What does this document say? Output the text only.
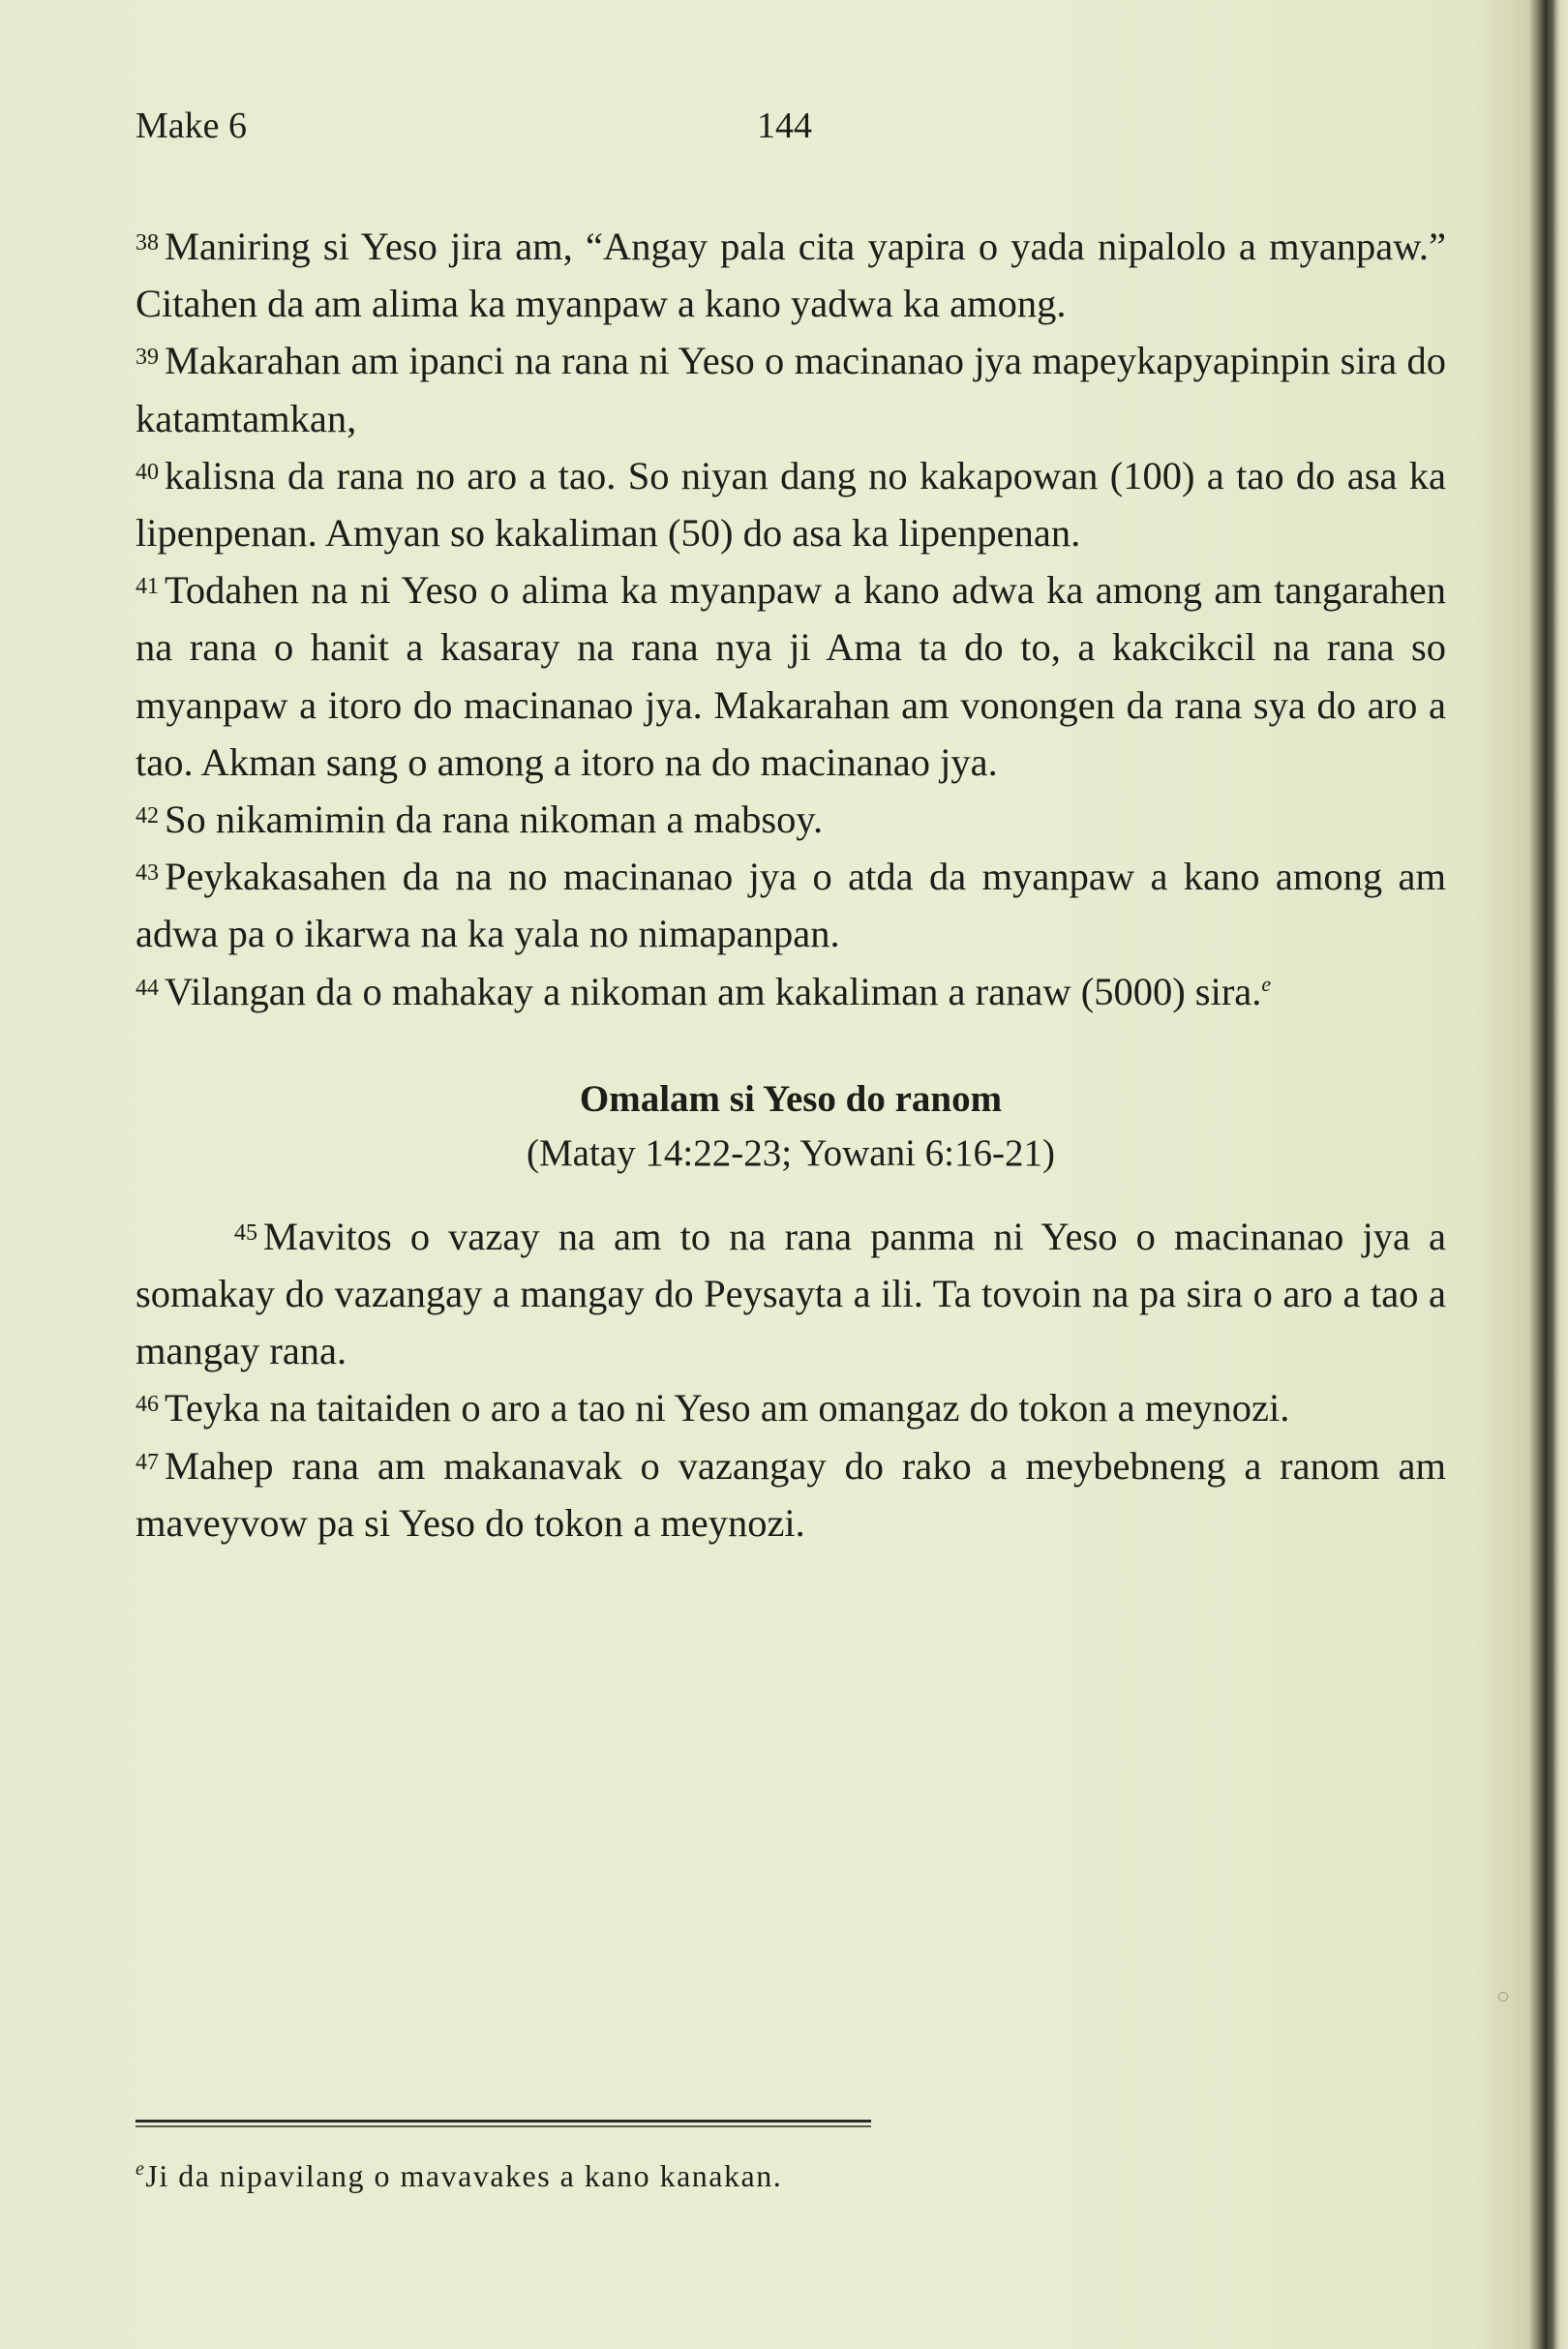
Make 6	144

$^{38}$ Maniring si Yeso jira am, “Angay pala cita yapira o yada nipalolo a myanpaw.” Citahen da am alima ka myanpaw a kano yadwa ka among.

$^{39}$ Makarahan am ipanci na rana ni Yeso o macinanao jya mapeykapyapinpin sira do katamtamkan,

$^{40}$ kalisna da rana no aro a tao. So niyan dang no kakapowan (100) a tao do asa ka lipenpenan. Amyan so kakaliman (50) do asa ka lipenpenan.

$^{41}$ Todahen na ni Yeso o alima ka myanpaw a kano adwa ka among am tangarahen na rana o hanit a kasaray na rana nya ji Ama ta do to, a kakcikcil na rana so myanpaw a itoro do macinanao jya. Makarahan am vonongen da rana sya do aro a tao. Akman sang o among a itoro na do macinanao jya.

$^{42}$ So nikamimin da rana nikoman a mabsoy.

$^{43}$ Peykakasahen da na no macinanao jya o atda da myanpaw a kano among am adwa pa o ikarwa na ka yala no nimapanpan.

$^{44}$ Vilangan da o mahakay a nikoman am kakaliman a ranaw (5000) sira.$^e$

Omalam si Yeso do ranom

(Matay 14:22-23; Yowani 6:16-21)

$^{45}$ Mavitos o vazay na am to na rana panma ni Yeso o macinanao jya a somakay do vazangay a mangay do Peysayta a ili. Ta tovoin na pa sira o aro a tao a mangay rana.

$^{46}$ Teyka na taitaiden o aro a tao ni Yeso am omangaz do tokon a meynozi.

$^{47}$ Mahep rana am makanavak o vazangay do rako a meybebneng a ranom am maveyvow pa si Yeso do tokon a meynozi.

$^e$Ji da nipavilang o mavavakes a kano kanakan.
